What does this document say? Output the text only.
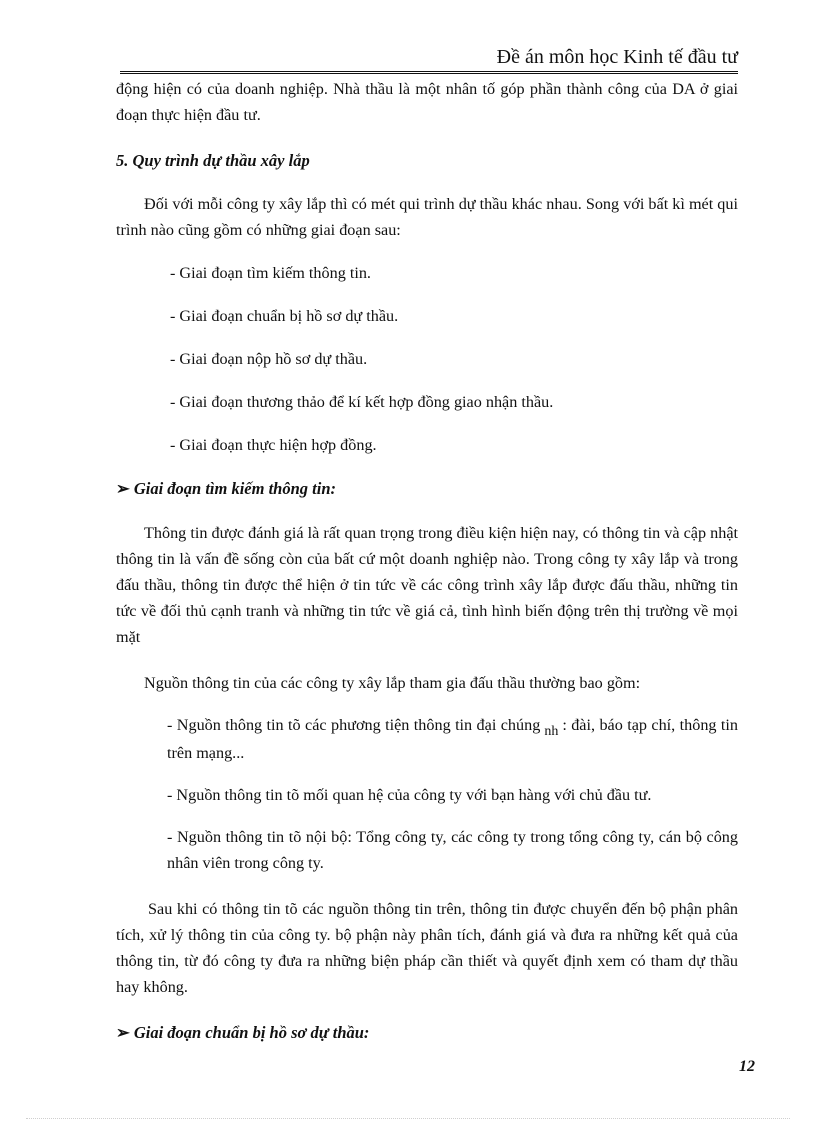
Đề án môn học Kinh tế đầu tư

động hiện có của doanh nghiệp. Nhà thầu là một nhân tố góp phần thành công của DA ở giai đoạn thực hiện đầu tư.

5. Quy trình dự thầu xây lắp

Đối với mỗi công ty xây lắp thì có mét qui trình dự thầu khác nhau. Song với bất kì mét qui trình nào cũng gồm có những giai đoạn sau:

- Giai đoạn tìm kiếm thông tin.
- Giai đoạn chuẩn bị hồ sơ dự thầu.
- Giai đoạn nộp hồ sơ dự thầu.
- Giai đoạn thương thảo để kí kết hợp đồng giao nhận thầu.
- Giai đoạn thực hiện hợp đồng.
➢ Giai đoạn tìm kiếm thông tin:

Thông tin được đánh giá là rất quan trọng trong điều kiện hiện nay, có thông tin và cập nhật thông tin là vấn đề sống còn của bất cứ một doanh nghiệp nào. Trong công ty xây lắp và trong đấu thầu, thông tin được thể hiện ở tin tức về các công trình xây lắp được đấu thầu, những tin tức về đối thủ cạnh tranh và những tin tức về giá cả, tình hình biến động trên thị trường về mọi mặt

Nguồn thông tin của các công ty xây lắp tham gia đấu thầu thường bao gồm:

- Nguồn thông tin tõ các phương tiện thông tin đại chúng nh : đài, báo tạp chí, thông tin trên mạng...
- Nguồn thông tin tõ mối quan hệ của công ty với bạn hàng với chủ đầu tư.
- Nguồn thông tin tõ nội bộ: Tổng công ty, các công ty trong tổng công ty, cán bộ công nhân viên trong công ty.

Sau khi có thông tin tõ các nguồn thông tin trên, thông tin được chuyển đến bộ phận phân tích, xử lý thông tin của công ty. bộ phận này phân tích, đánh giá và đưa ra những kết quả của thông tin, từ đó công ty đưa ra những biện pháp cần thiết và quyết định xem có tham dự thầu hay không.

➢ Giai đoạn chuẩn bị hồ sơ dự thầu:
12
